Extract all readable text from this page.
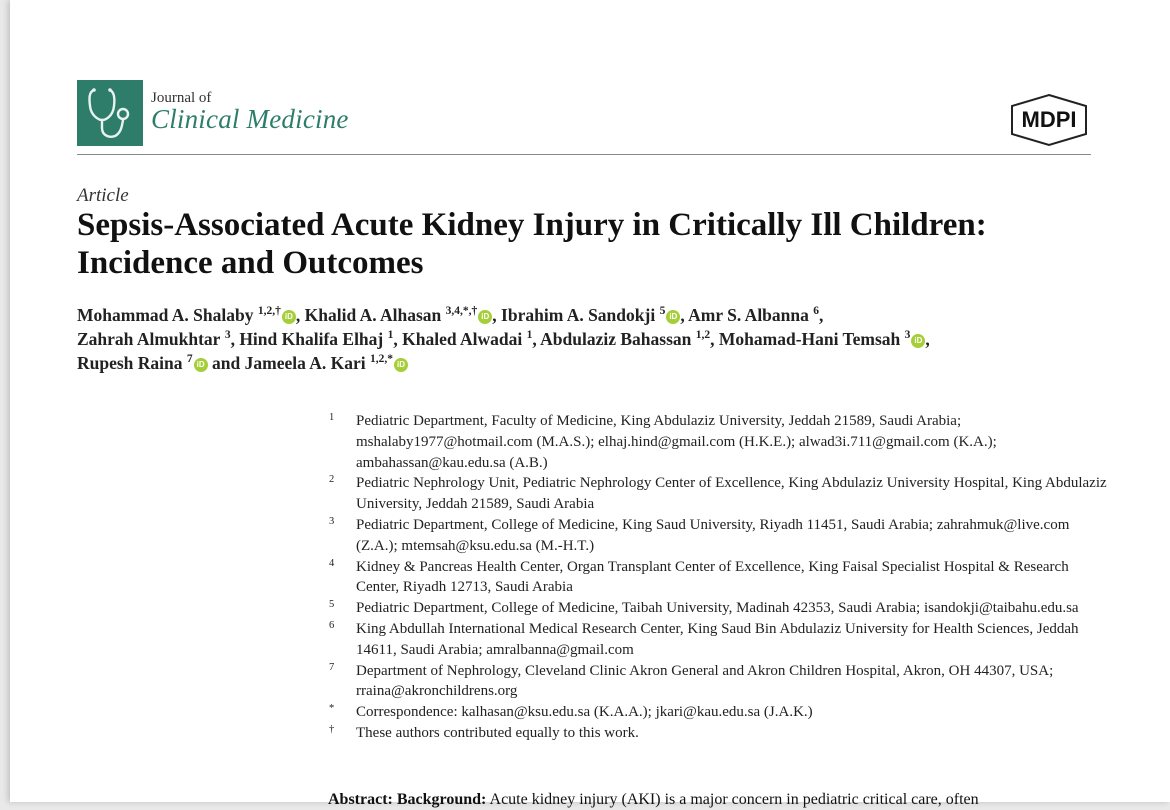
Journal of
Clinical Medicine	MDPI
Article
Sepsis-Associated Acute Kidney Injury in Critically Ill Children: Incidence and Outcomes
Mohammad A. Shalaby $^{1,2,\dagger}$ iD , Khalid A. Alhasan $^{3,4,*,\dagger}$ iD , Ibrahim A. Sandokji $^5$ iD , Amr S. Albanna $^6$,
Zahrah Almukhtar $^3$, Hind Khalifa Elhaj $^1$, Khaled Alwadai $^1$, Abdulaziz Bahassan $^{1,2}$, Mohamad-Hani Temsah $^3$ iD ,
Rupesh Raina $^7$ iD and Jameela A. Kari $^{1,2,*}$ iD
1 Pediatric Department, Faculty of Medicine, King Abdulaziz University, Jeddah 21589, Saudi Arabia; mshalaby1977@hotmail.com (M.A.S.); elhaj.hind@gmail.com (H.K.E.); alwad3i.711@gmail.com (K.A.); ambahassan@kau.edu.sa (A.B.)
2 Pediatric Nephrology Unit, Pediatric Nephrology Center of Excellence, King Abdulaziz University Hospital, King Abdulaziz University, Jeddah 21589, Saudi Arabia
3 Pediatric Department, College of Medicine, King Saud University, Riyadh 11451, Saudi Arabia; zahrahmuk@live.com (Z.A.); mtemsah@ksu.edu.sa (M.-H.T.)
4 Kidney & Pancreas Health Center, Organ Transplant Center of Excellence, King Faisal Specialist Hospital & Research Center, Riyadh 12713, Saudi Arabia
5 Pediatric Department, College of Medicine, Taibah University, Madinah 42353, Saudi Arabia; isandokji@taibahu.edu.sa
6 King Abdullah International Medical Research Center, King Saud Bin Abdulaziz University for Health Sciences, Jeddah 14611, Saudi Arabia; amralbanna@gmail.com
7 Department of Nephrology, Cleveland Clinic Akron General and Akron Children Hospital, Akron, OH 44307, USA; rraina@akronchildrens.org
* Correspondence: kalhasan@ksu.edu.sa (K.A.A.); jkari@kau.edu.sa (J.A.K.)
† These authors contributed equally to this work.
Abstract: Background: Acute kidney injury (AKI) is a major concern in pediatric critical care, often
